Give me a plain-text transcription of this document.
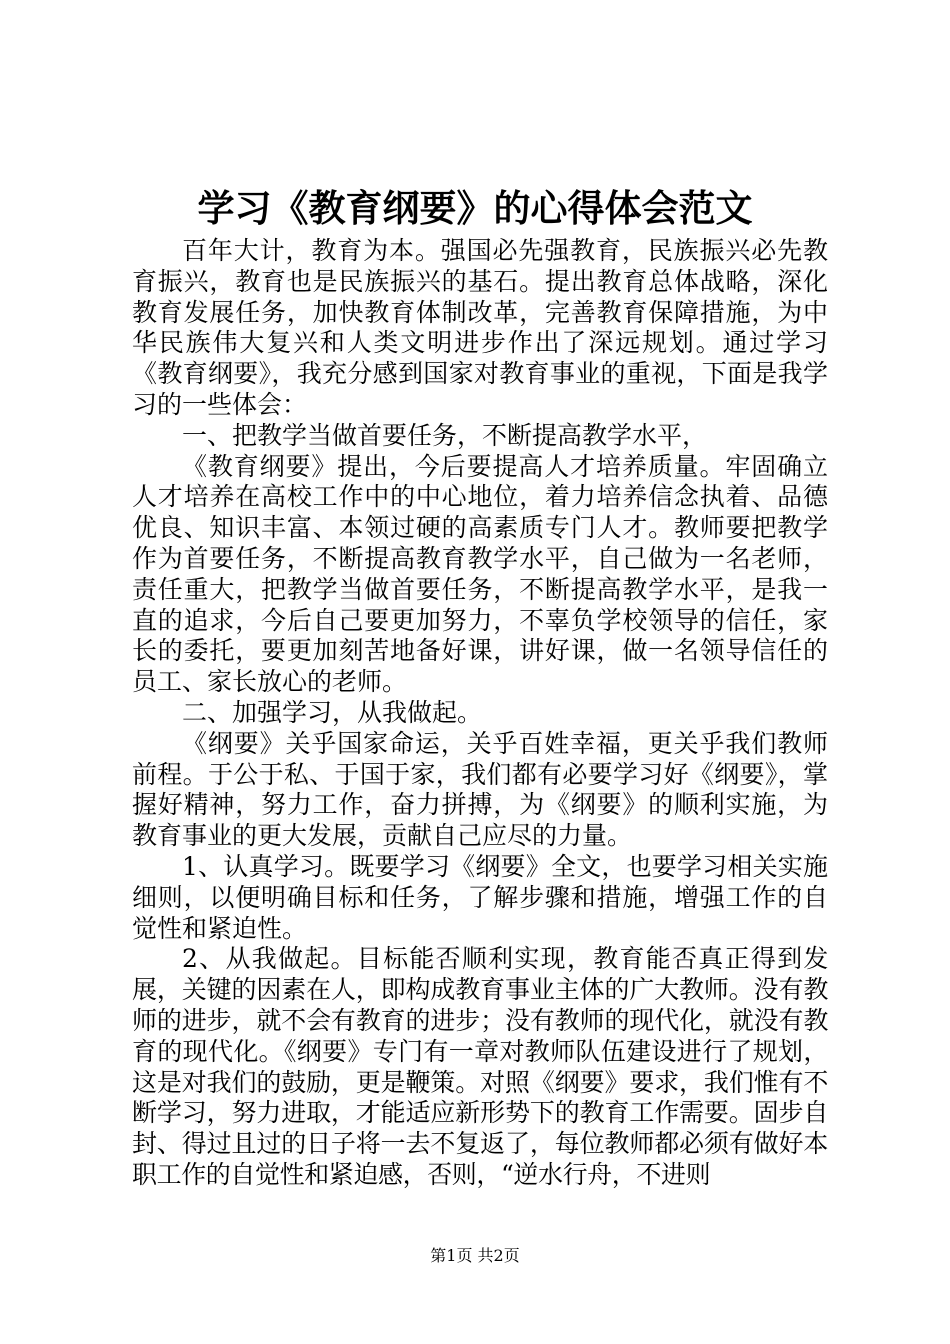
学习《教育纲要》的心得体会范文

百年大计，教育为本。强国必先强教育，民族振兴必先教育振兴，教育也是民族振兴的基石。提出教育总体战略，深化教育发展任务，加快教育体制改革，完善教育保障措施，为中华民族伟大复兴和人类文明进步作出了深远规划。通过学习《教育纲要》，我充分感到国家对教育事业的重视，下面是我学习的一些体会：

一、把教学当做首要任务，不断提高教学水平，

《教育纲要》提出，今后要提高人才培养质量。牢固确立人才培养在高校工作中的中心地位，着力培养信念执着、品德优良、知识丰富、本领过硬的高素质专门人才。教师要把教学作为首要任务，不断提高教育教学水平，自己做为一名老师，责任重大，把教学当做首要任务，不断提高教学水平，是我一直的追求，今后自己要更加努力，不辜负学校领导的信任，家长的委托，要更加刻苦地备好课，讲好课，做一名领导信任的员工、家长放心的老师。

二、加强学习，从我做起。

《纲要》关乎国家命运，关乎百姓幸福，更关乎我们教师前程。于公于私、于国于家，我们都有必要学习好《纲要》，掌握好精神，努力工作，奋力拼搏，为《纲要》的顺利实施，为教育事业的更大发展，贡献自己应尽的力量。

1、认真学习。既要学习《纲要》全文，也要学习相关实施细则，以便明确目标和任务，了解步骤和措施，增强工作的自觉性和紧迫性。

2、从我做起。目标能否顺利实现，教育能否真正得到发展，关键的因素在人，即构成教育事业主体的广大教师。没有教师的进步，就不会有教育的进步；没有教师的现代化，就没有教育的现代化。《纲要》专门有一章对教师队伍建设进行了规划，这是对我们的鼓励，更是鞭策。对照《纲要》要求，我们惟有不断学习，努力进取，才能适应新形势下的教育工作需要。固步自封、得过且过的日子将一去不复返了，每位教师都必须有做好本职工作的自觉性和紧迫感，否则，“逆水行舟，不进则

第1页 共2页
